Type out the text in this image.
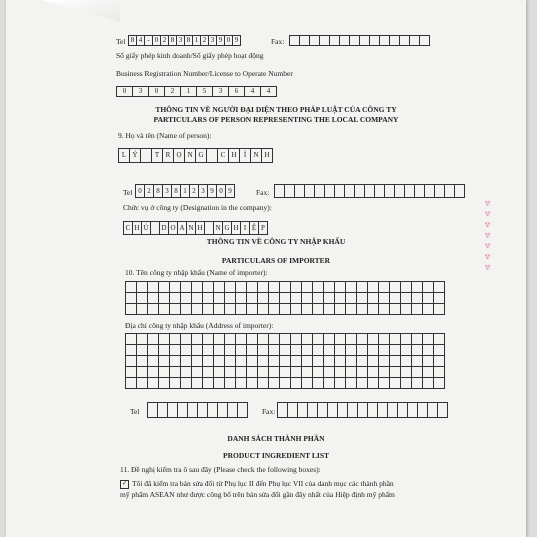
Tel 8 4 - 0 2 8 3 8 1 2 3 9 0 9	Fax:
Số giấy phép kinh doanh/Số giấy phép hoạt động
Business Registration Number/License to Operate Number
0	3	0	2	1	5	3	6	4	4
THÔNG TIN VỀ NGƯỜI ĐẠI DIỆN THEO PHÁP LUẬT CỦA CÔNG TY
PARTICULARS OF PERSON REPRESENTING THE LOCAL COMPANY
9. Họ và tên (Name of person):
L Ý	T R Ọ N G	C H	Í	N H
Tel 0 2 8 3 8 1 2 3 9 0 9	Fax:
Chức vụ ở công ty (Designation in the company):
C H Ủ	D O A N H	N G H I Ệ P
THÔNG TIN VỀ CÔNG TY NHẬP KHẨU
PARTICULARS OF IMPORTER
10. Tên công ty nhập khẩu (Name of importer):
Địa chỉ công ty nhập khẩu (Address of importer):
Tel	Fax:
DANH SÁCH THÀNH PHẦN
PRODUCT INGREDIENT LIST
11. Đề nghị kiểm tra ô sau đây (Please check the following boxes):
✓ Tôi đã kiểm tra bản sửa đổi từ Phụ lục II đến Phụ lục VII của danh mục các thành phần
mỹ phẩm ASEAN như được công bố trên bản sửa đổi gần đây nhất của Hiệp định mỹ phẩm
⁂ ⁂ ⁂ ⁂ ⁂ ⁂ ⁂
